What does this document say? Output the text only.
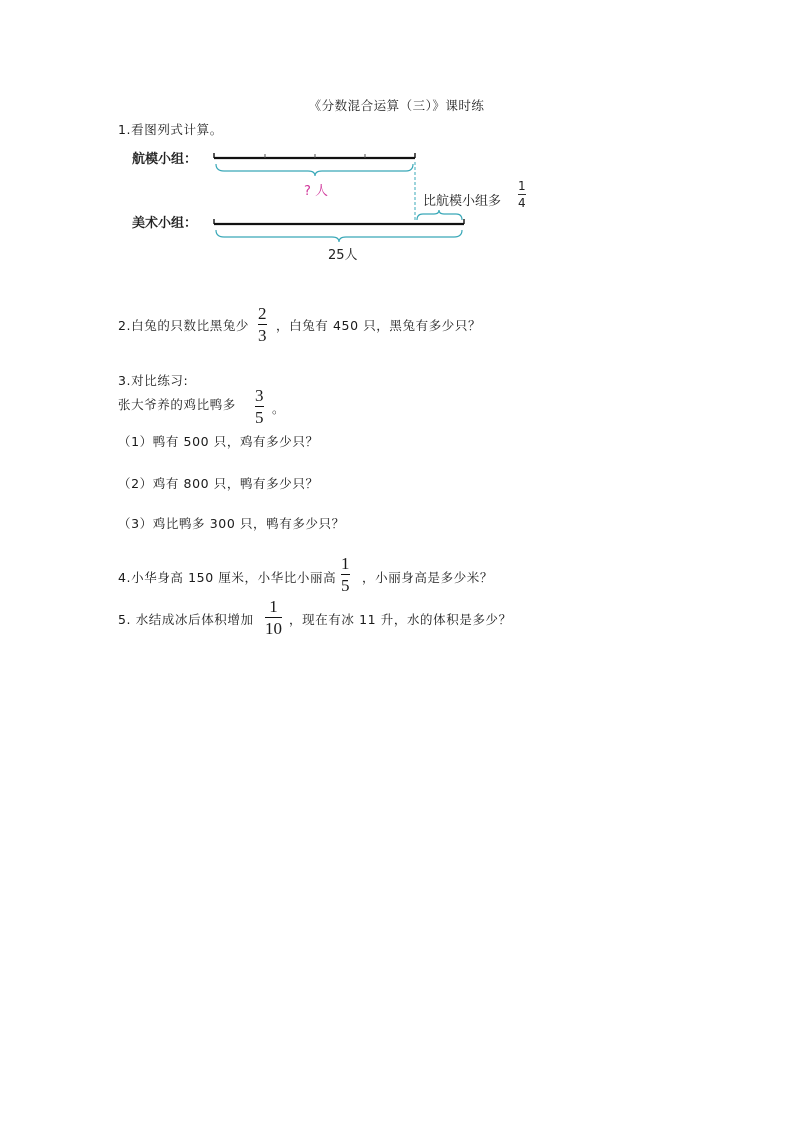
《分数混合运算（三）》课时练
1.看图列式计算。
航模小组：
美术小组：
? 人
25人
比航模小组多
1
4
2.白兔的只数比黑兔少
2
3
，白兔有 450 只，黑兔有多少只？
3.对比练习:
张大爷养的鸡比鸭多 3
5 。
（1）鸭有 500 只，鸡有多少只？
（2）鸡有 800 只，鸭有多少只？
（3）鸡比鸭多 300 只，鸭有多少只？
4.小华身高 150 厘米，小华比小丽高
1
5 ，小丽身高是多少米？
5. 水结成冰后体积增加
1
10 ，现在有冰 11 升，水的体积是多少？
